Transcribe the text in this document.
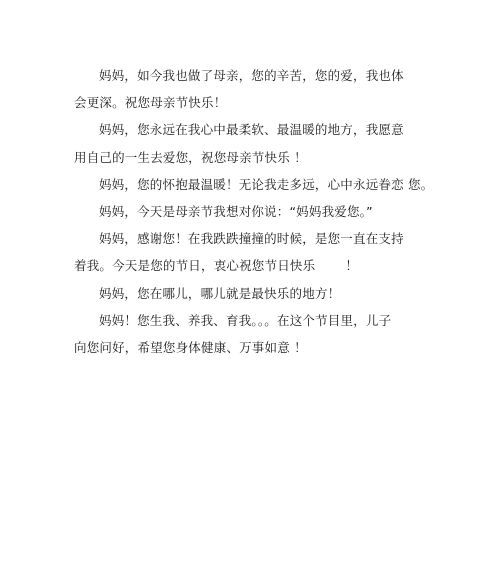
妈妈，如今我也做了母亲，您的辛苦，您的爱，我也体
会更深。祝您母亲节快乐！
妈妈，您永远在我心中最柔软、最温暖的地方，我愿意
用自己的一生去爱您，祝您母亲节快乐 ！
妈妈，您的怀抱最温暖！无论我走多远，心中永远眷恋 您。
妈妈，今天是母亲节我想对你说：“妈妈我爱您。”
妈妈，感谢您！在我跌跌撞撞的时候，是您一直在支持
着我。今天是您的节日，衷心祝您节日快乐 ！
妈妈，您在哪儿，哪儿就是最快乐的地方！
妈妈！您生我、养我、育我。。。在这个节目里，儿子
向您问好，希望您身体健康、万事如意 ！
